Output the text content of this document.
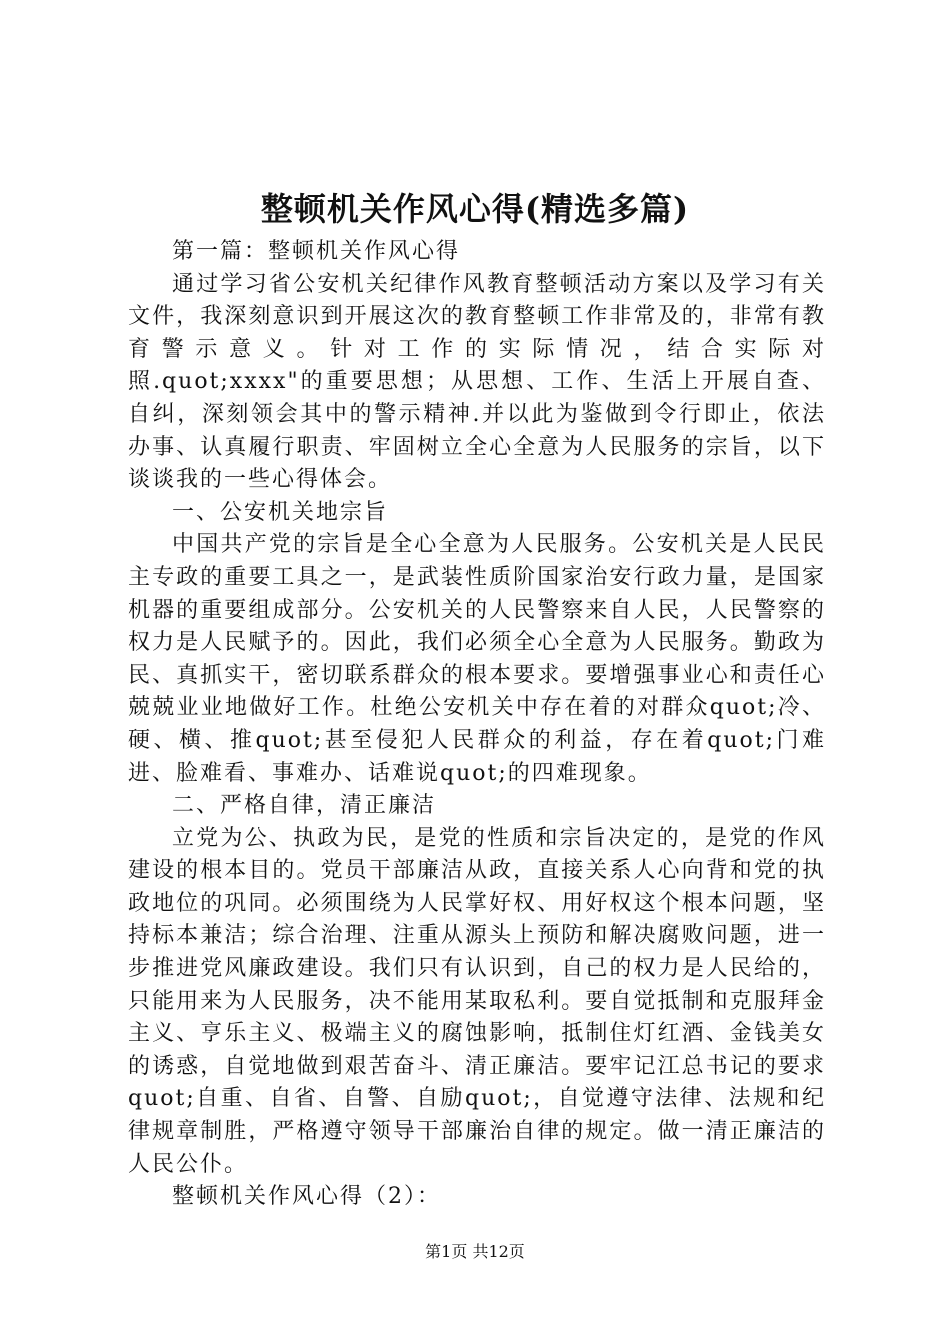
整顿机关作风心得(精选多篇)

第一篇：整顿机关作风心得

通过学习省公安机关纪律作风教育整顿活动方案以及学习有关文件，我深刻意识到开展这次的教育整顿工作非常及的，非常有教育警示意义。针对工作的实际情况，结合实际对照.quot;xxxx"的重要思想；从思想、工作、生活上开展自查、自纠，深刻领会其中的警示精神.并以此为鉴做到令行即止，依法办事、认真履行职责、牢固树立全心全意为人民服务的宗旨，以下谈谈我的一些心得体会。

一、公安机关地宗旨

中国共产党的宗旨是全心全意为人民服务。公安机关是人民民主专政的重要工具之一，是武装性质阶国家治安行政力量，是国家机器的重要组成部分。公安机关的人民警察来自人民，人民警察的权力是人民赋予的。因此，我们必须全心全意为人民服务。勤政为民、真抓实干，密切联系群众的根本要求。要增强事业心和责任心兢兢业业地做好工作。杜绝公安机关中存在着的对群众quot;冷、硬、横、推quot;甚至侵犯人民群众的利益，存在着quot;门难进、脸难看、事难办、话难说quot;的四难现象。

二、严格自律，清正廉洁

立党为公、执政为民，是党的性质和宗旨决定的，是党的作风建设的根本目的。党员干部廉洁从政，直接关系人心向背和党的执政地位的巩同。必须围绕为人民掌好权、用好权这个根本问题，坚持标本兼洁；综合治理、注重从源头上预防和解决腐败问题，进一步推进党风廉政建设。我们只有认识到，自己的权力是人民给的，只能用来为人民服务，决不能用某取私利。要自觉抵制和克服拜金主义、亨乐主义、极端主义的腐蚀影响，抵制住灯红酒、金钱美女的诱惑，自觉地做到艰苦奋斗、清正廉洁。要牢记江总书记的要求quot;自重、自省、自警、自励quot;，自觉遵守法律、法规和纪律规章制胜，严格遵守领导干部廉治自律的规定。做一清正廉洁的人民公仆。

整顿机关作风心得（2）：

第1页 共12页
